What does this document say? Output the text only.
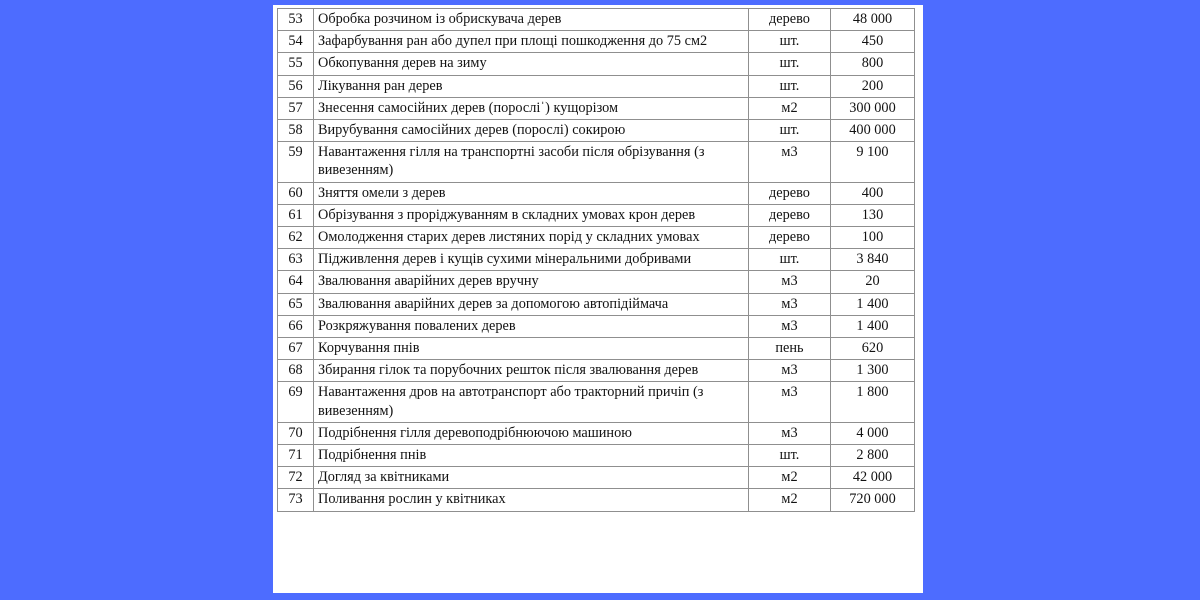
53	Обробка розчином із обрискувача дерев	дерево	48 000
54	Зафарбування ран або дупел при площі пошкодження до 75 см2	шт.	450
55	Обкопування дерев на зиму	шт.	800
56	Лікування ран дерев	шт.	200
57	Знесення самосійних дерев (поросліˈ) кущорізом	м2	300 000
58	Вирубування самосійних дерев (порослі) сокирою	шт.	400 000
59	Навантаження гілля на транспортні засоби після обрізування (з вивезенням)	м3	9 100
60	Зняття омели з дерев	дерево	400
61	Обрізування з проріджуванням в складних умовах крон дерев	дерево	130
62	Омолодження старих дерев листяних порід у складних умовах	дерево	100
63	Підживлення дерев і кущів сухими мінеральними добривами	шт.	3 840
64	Звалювання аварійних дерев вручну	м3	20
65	Звалювання аварійних дерев за допомогою автопідіймача	м3	1 400
66	Розкряжування повалених дерев	м3	1 400
67	Корчування пнів	пень	620
68	Збирання гілок та порубочних решток після звалювання дерев	м3	1 300
69	Навантаження дров на автотранспорт або тракторний причіп (з вивезенням)	м3	1 800
70	Подрібнення гілля деревоподрібнюючою машиною	м3	4 000
71	Подрібнення пнів	шт.	2 800
72	Догляд за квітниками	м2	42 000
73	Поливання рослин у квітниках	м2	720 000
